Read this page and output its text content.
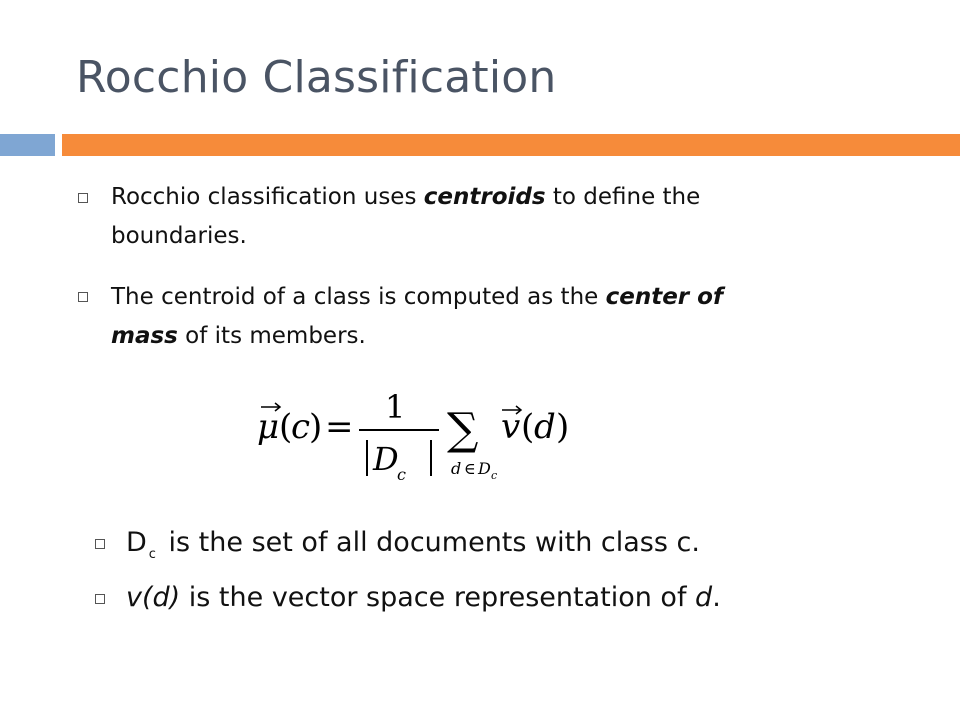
Rocchio Classification
Rocchio classification uses centroids to define the
boundaries.
The centroid of a class is computed as the center of
mass of its members.
μ (
c
) = 1
D
c
∑
d ∈ D c
v ( d )
D $_c$ is the set of all documents with class c.
v(d) is the vector space representation of d.
